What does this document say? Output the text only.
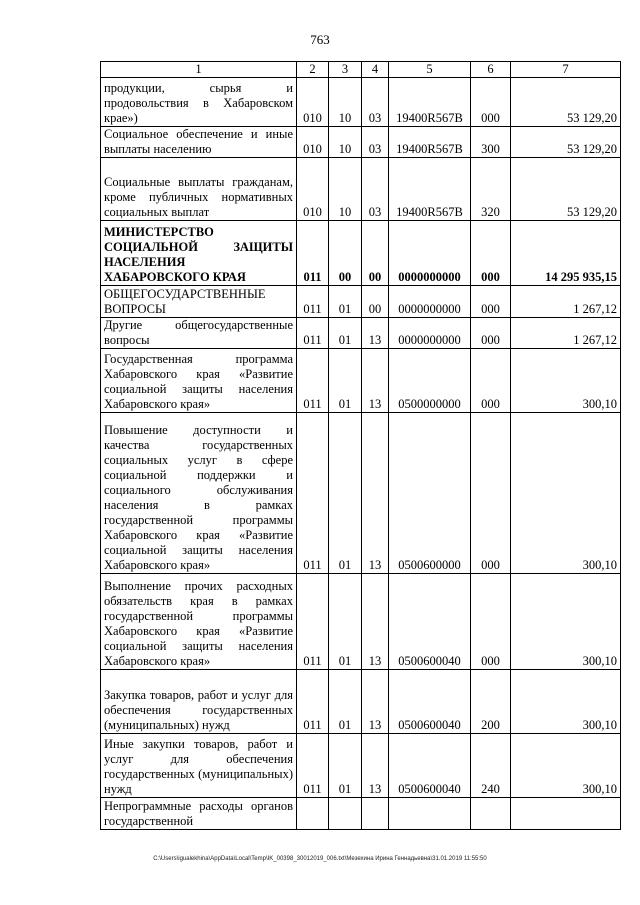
763
1	2	3	4	5	6	7
продукции, сырья и продовольствия в Хабаровском крае»)	010	10	03	19400R567B	000	53 129,20
Социальное обеспечение и иные выплаты населению	010	10	03	19400R567B	300	53 129,20
Социальные выплаты гражданам, кроме публичных нормативных социальных выплат	010	10	03	19400R567B	320	53 129,20
МИНИСТЕРСТВО СОЦИАЛЬНОЙ ЗАЩИТЫ НАСЕЛЕНИЯ ХАБАРОВСКОГО КРАЯ	011	00	00	0000000000	000	14 295 935,15
ОБЩЕГОСУДАРСТВЕННЫЕ ВОПРОСЫ	011	01	00	0000000000	000	1 267,12
Другие общегосударственные вопросы	011	01	13	0000000000	000	1 267,12
Государственная программа Хабаровского края «Развитие социальной защиты населения Хабаровского края»	011	01	13	0500000000	000	300,10
Повышение доступности и качества государственных социальных услуг в сфере социальной поддержки и социального обслуживания населения в рамках государственной программы Хабаровского края «Развитие социальной защиты населения Хабаровского края»	011	01	13	0500600000	000	300,10
Выполнение прочих расходных обязательств края в рамках государственной программы Хабаровского края «Развитие социальной защиты населения Хабаровского края»	011	01	13	0500600040	000	300,10
Закупка товаров, работ и услуг для обеспечения государственных (муниципальных) нужд	011	01	13	0500600040	200	300,10
Иные закупки товаров, работ и услуг для обеспечения государственных (муниципальных) нужд	011	01	13	0500600040	240	300,10
Непрограммные расходы органов государственной						
C:\Users\igualekhina\AppData\Local\Temp\IK_00398_30012019_006.txt\Мезехина Ирина Геннадьевна\31.01.2019 11:55:50
